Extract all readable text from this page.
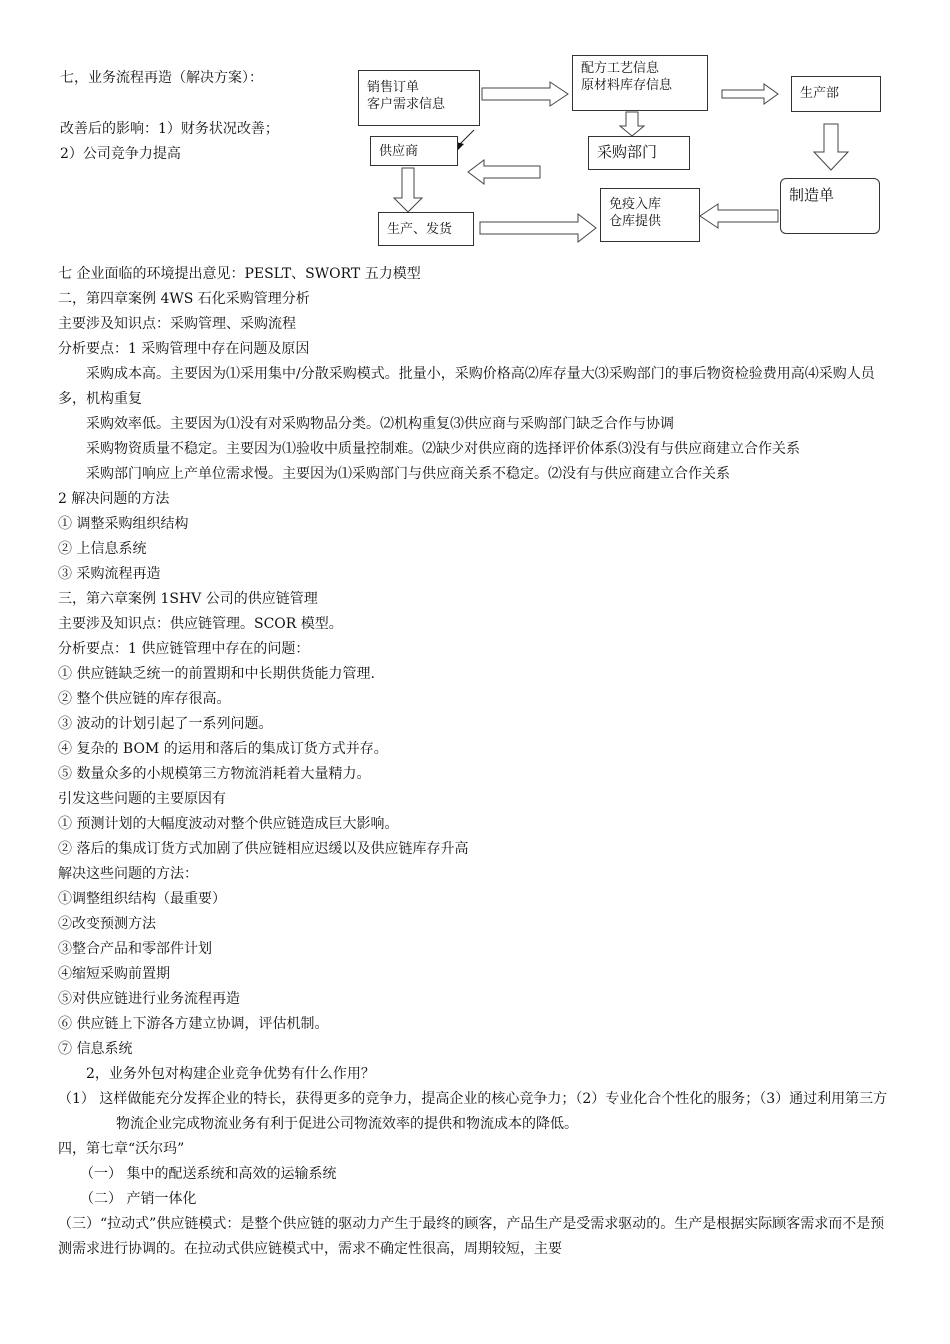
七，业务流程再造（解决方案）：
改善后的影响：1）财务状况改善；
2）公司竞争力提高
销售订单
客户需求信息
配方工艺信息
原材料库存信息
生产部
供应商	采购部门
制造单
生产、发货
免疫入库
仓库提供

七 企业面临的环境提出意见：PESLT、SWORT 五力模型

二，第四章案例 4WS 石化采购管理分析

主要涉及知识点：采购管理、采购流程

分析要点：1 采购管理中存在问题及原因

采购成本高。主要因为⑴采用集中/分散采购模式。批量小，采购价格高⑵库存量大⑶采购部门的事后物资检验费用高⑷采购人员多，机构重复

采购效率低。主要因为⑴没有对采购物品分类。⑵机构重复⑶供应商与采购部门缺乏合作与协调

采购物资质量不稳定。主要因为⑴验收中质量控制难。⑵缺少对供应商的选择评价体系⑶没有与供应商建立合作关系

采购部门响应上产单位需求慢。主要因为⑴采购部门与供应商关系不稳定。⑵没有与供应商建立合作关系

2 解决问题的方法

① 调整采购组织结构

② 上信息系统

③ 采购流程再造

三，第六章案例 1SHV 公司的供应链管理

主要涉及知识点：供应链管理。SCOR 模型。

分析要点：1 供应链管理中存在的问题：

① 供应链缺乏统一的前置期和中长期供货能力管理.

② 整个供应链的库存很高。

③ 波动的计划引起了一系列问题。

④ 复杂的 BOM 的运用和落后的集成订货方式并存。

⑤ 数量众多的小规模第三方物流消耗着大量精力。

引发这些问题的主要原因有

① 预测计划的大幅度波动对整个供应链造成巨大影响。

② 落后的集成订货方式加剧了供应链相应迟缓以及供应链库存升高

解决这些问题的方法：

①调整组织结构（最重要）

②改变预测方法

③整合产品和零部件计划

④缩短采购前置期

⑤对供应链进行业务流程再造

⑥ 供应链上下游各方建立协调，评估机制。

⑦ 信息系统

2，业务外包对构建企业竞争优势有什么作用？

（1） 这样做能充分发挥企业的特长，获得更多的竞争力，提高企业的核心竞争力；（2）专业化合个性化的服务；（3）通过利用第三方物流企业完成物流业务有利于促进公司物流效率的提供和物流成本的降低。

四，第七章“沃尔玛”

（一） 集中的配送系统和高效的运输系统

（二） 产销一体化

（三）“拉动式”供应链模式：是整个供应链的驱动力产生于最终的顾客，产品生产是受需求驱动的。生产是根据实际顾客需求而不是预测需求进行协调的。在拉动式供应链模式中，需求不确定性很高，周期较短，主要
